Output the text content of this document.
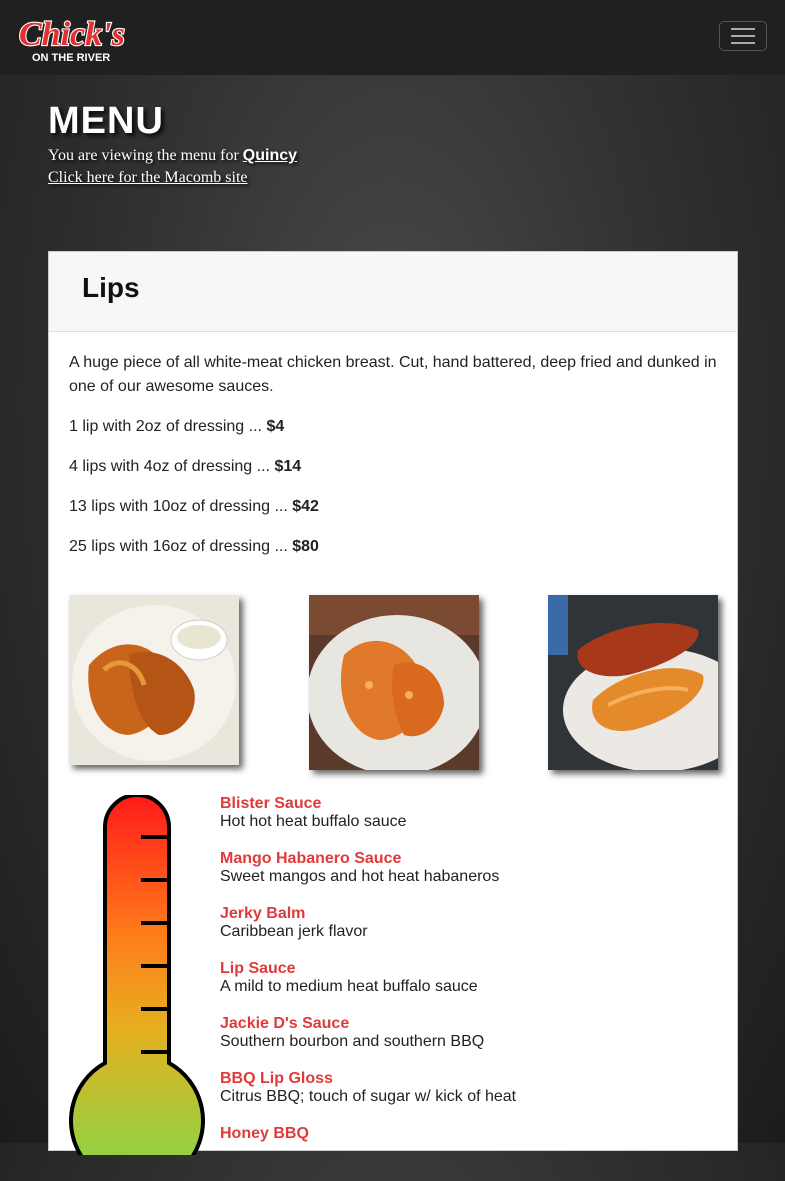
Chick's
ON THE RIVER
MENU
You are viewing the menu for Quincy
Click here for the Macomb site
Lips

A huge piece of all white-meat chicken breast. Cut, hand battered, deep fried and dunked in one of our awesome sauces.

1 lip with 2oz of dressing ... $4
4 lips with 4oz of dressing ... $14
13 lips with 10oz of dressing ... $42
25 lips with 16oz of dressing ... $80
Blister Sauce
Hot hot heat buffalo sauce
Mango Habanero Sauce
Sweet mangos and hot heat habaneros
Jerky Balm
Caribbean jerk flavor
Lip Sauce
A mild to medium heat buffalo sauce
Jackie D's Sauce
Southern bourbon and southern BBQ
BBQ Lip Gloss
Citrus BBQ; touch of sugar w/ kick of heat
Honey BBQ
